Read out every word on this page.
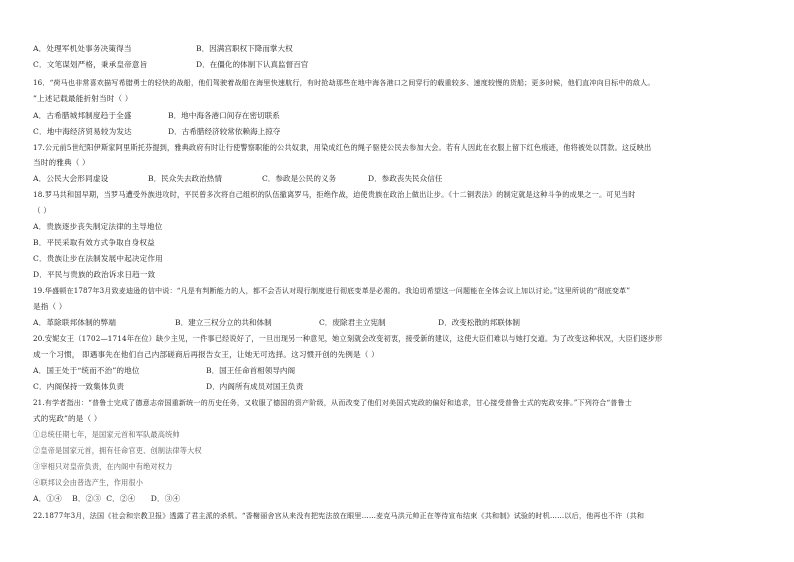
A．处理军机处事务决策得当	B．因满宫职权下降而掌大权
C．文笔谋划严格，秉承皇帝意旨	D．在僵化的体制下认真监督百官
16．“荷马也非常喜欢描写希腊勇士的轻快的战船，他们驾驶着战船在海里快速航行，有时抢劫那些在地中海各港口之间穿行的载重较多、速度较慢的货船；更多时候，他们直冲向目标中的敌人。
”上述记载最能折射当时（ ）
A．古希腊城邦制度趋于全盛	B．地中海各港口间存在密切联系
C．地中海经济贸易较为发达	D．古希腊经济较常依赖海上掠夺
17.公元前5世纪阳伊斯家阿里斯托芬提到，雅典政府有时让行使警察职能的公共奴隶，用染成红色的绳子驱使公民去参加大会。若有人因此在衣服上留下红色痕迹，他将被处以罚款。这反映出
当时的雅典（ ）
A．公民大会形同虚设	B．民众失去政治热情	C．参政是公民的义务	D．参政丧失民众信任
18.罗马共和国早期，当罗马遭受外族进攻时，平民曾多次将自己组织的队伍撤离罗马，拒绝作战，迫使贵族在政治上做出让步。《十二铜表法》的制定就是这种斗争的成果之一。可见当时
（ ）
A．贵族逐步丧失制定法律的主导地位
B．平民采取有效方式争取自身权益
C．贵族让步在法制发展中起决定作用
D．平民与贵族的政治诉求日趋一致
19.华盛顿在1787年3月致麦迪逊的信中说：“凡是有判断能力的人，都不会否认对现行制度进行彻底变革是必需的。我迫切希望这一问题能在全体会议上加以讨论。”这里所说的“彻底变革”
是指（ ）
A．革除联邦体制的弊端	B．建立三权分立的共和体制	C．废除君主立宪制	D．改变松散的邦联体制
20.安妮女王（1702—1714年在位）缺少主见，一件事已经说好了，一旦出现另一种意见，她立刻就会改变初衷，接受新的建议，这使大臣们难以与她打交道。为了改变这种状况，大臣们逐步形
成一个习惯， 即遇事先在他们自己内部磋商后再报告女王，让她无可选择。这习惯开创的先例是（ ）
A．国王处于“统而不治”的地位	B．国王任命首相领导内阁
C．内阁保持一致集体负责	D．内阁所有成员对国王负责
21.有学者指出：“普鲁士完成了德意志帝国重新统一的历史任务，又收服了德国的资产阶级，从而改变了他们对美国式宪政的偏好和追求，甘心接受普鲁士式的宪政安排。”下列符合“普鲁士
式的宪政”的是（ ）
①总统任期七年，是国家元首和军队最高统帅
②皇帝是国家元首，拥有任命官吏、创制法律等大权
③宰相只对皇帝负责，在内阁中有绝对权力
④联邦议会由普选产生，作用很小
A．①④    B．②③  C．②④      D．③④
22.1877年3月，法国《社会和宗教卫报》透露了君主派的杀机。“香榭丽舍宫从来没有把宪法放在眼里……麦克马洪元帅正在等待宣布结束《共和制》试验的时机……以后，他再也不许（共和
